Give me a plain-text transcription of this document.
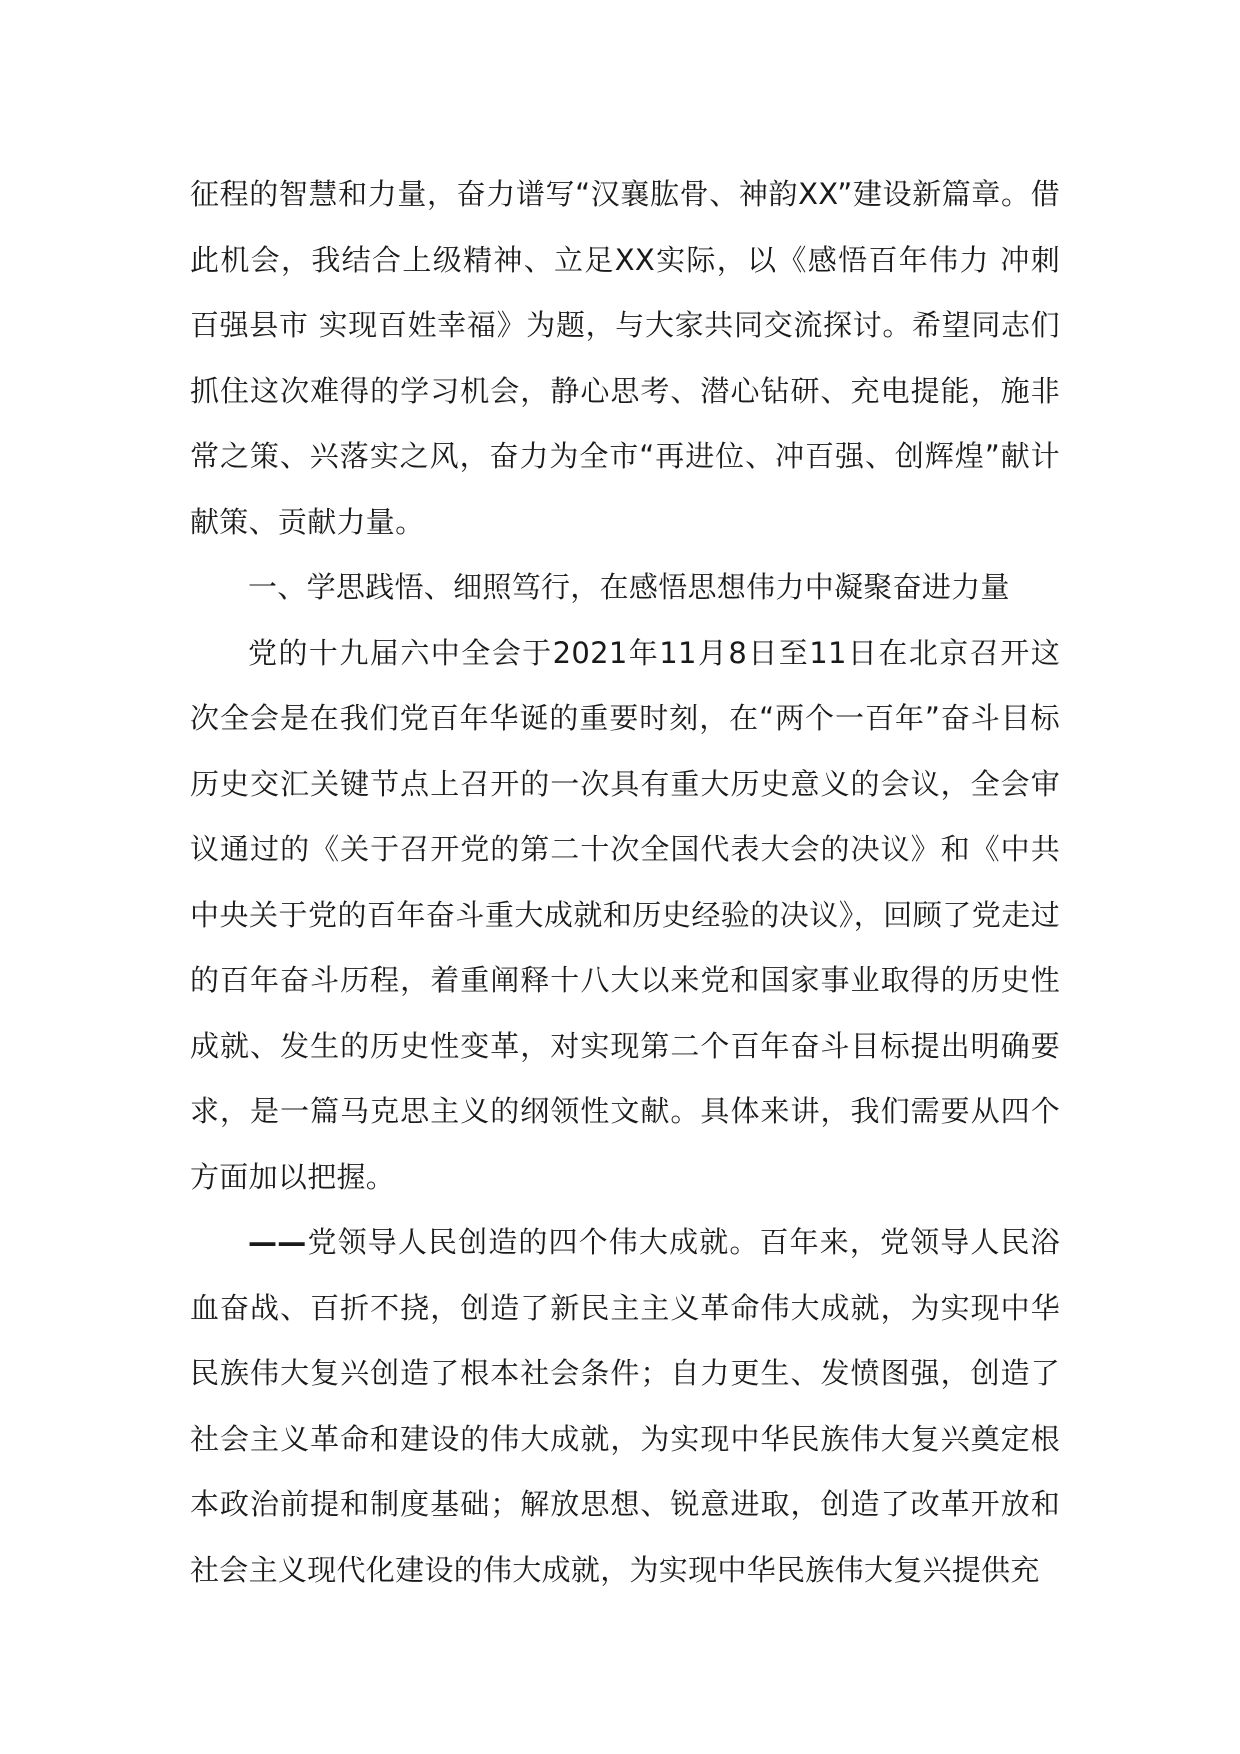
征程的智慧和力量，奋力谱写“汉襄肱骨、神韵XX”建设新篇章。借此机会，我结合上级精神、立足XX实际，以《感悟百年伟力 冲刺百强县市 实现百姓幸福》为题，与大家共同交流探讨。希望同志们抓住这次难得的学习机会，静心思考、潜心钻研、充电提能，施非常之策、兴落实之风，奋力为全市“再进位、冲百强、创辉煌”献计献策、贡献力量。

一、学思践悟、细照笃行，在感悟思想伟力中凝聚奋进力量

党的十九届六中全会于2021年11月8日至11日在北京召开这次全会是在我们党百年华诞的重要时刻，在“两个一百年”奋斗目标历史交汇关键节点上召开的一次具有重大历史意义的会议，全会审议通过的《关于召开党的第二十次全国代表大会的决议》和《中共中央关于党的百年奋斗重大成就和历史经验的决议》，回顾了党走过的百年奋斗历程，着重阐释十八大以来党和国家事业取得的历史性成就、发生的历史性变革，对实现第二个百年奋斗目标提出明确要求，是一篇马克思主义的纲领性文献。具体来讲，我们需要从四个方面加以把握。

——党领导人民创造的四个伟大成就。百年来，党领导人民浴血奋战、百折不挠，创造了新民主主义革命伟大成就，为实现中华民族伟大复兴创造了根本社会条件；自力更生、发愤图强，创造了社会主义革命和建设的伟大成就，为实现中华民族伟大复兴奠定根本政治前提和制度基础；解放思想、锐意进取，创造了改革开放和社会主义现代化建设的伟大成就，为实现中华民族伟大复兴提供充
